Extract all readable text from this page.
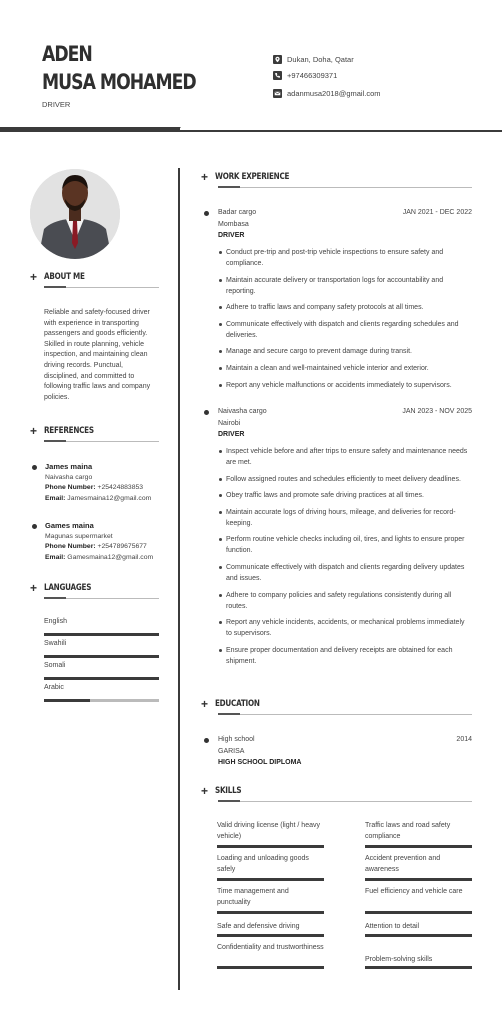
ADEN
MUSA MOHAMED
DRIVER
Dukan, Doha, Qatar
+97466309371
adanmusa2018@gmail.com
+ ABOUT ME
Reliable and safety-focused driver with experience in transporting passengers and goods efficiently. Skilled in route planning, vehicle inspection, and maintaining clean driving records. Punctual, disciplined, and committed to following traffic laws and company policies.
+ REFERENCES
James maina
Naivasha cargo
Phone Number: +25424883853
Email: Jamesmaina12@gmail.com
Games maina
Magunas supermarket
Phone Number: +254789675677
Email: Gamesmaina12@gmail.com
+ LANGUAGES
English
Swahili
Somali
Arabic
+ WORK EXPERIENCE
Badar cargo
Mombasa
DRIVER
JAN 2021 - DEC 2022
Conduct pre-trip and post-trip vehicle inspections to ensure safety and compliance.
Maintain accurate delivery or transportation logs for accountability and reporting.
Adhere to traffic laws and company safety protocols at all times.
Communicate effectively with dispatch and clients regarding schedules and deliveries.
Manage and secure cargo to prevent damage during transit.
Maintain a clean and well-maintained vehicle interior and exterior.
Report any vehicle malfunctions or accidents immediately to supervisors.
Naivasha cargo
Nairobi
DRIVER
JAN 2023 - NOV 2025
Inspect vehicle before and after trips to ensure safety and maintenance needs are met.
Follow assigned routes and schedules efficiently to meet delivery deadlines.
Obey traffic laws and promote safe driving practices at all times.
Maintain accurate logs of driving hours, mileage, and deliveries for record-keeping.
Perform routine vehicle checks including oil, tires, and lights to ensure proper function.
Communicate effectively with dispatch and clients regarding delivery updates and issues.
Adhere to company policies and safety regulations consistently during all routes.
Report any vehicle incidents, accidents, or mechanical problems immediately to supervisors.
Ensure proper documentation and delivery receipts are obtained for each shipment.
+ EDUCATION
High school
GARISA
HIGH SCHOOL DIPLOMA
2014
+ SKILLS
Valid driving license (light / heavy vehicle)
Traffic laws and road safety compliance
Loading and unloading goods safely
Accident prevention and awareness
Time management and punctuality
Fuel efficiency and vehicle care
Safe and defensive driving	Attention to detail
Confidentiality and trustworthiness
Problem-solving skills
